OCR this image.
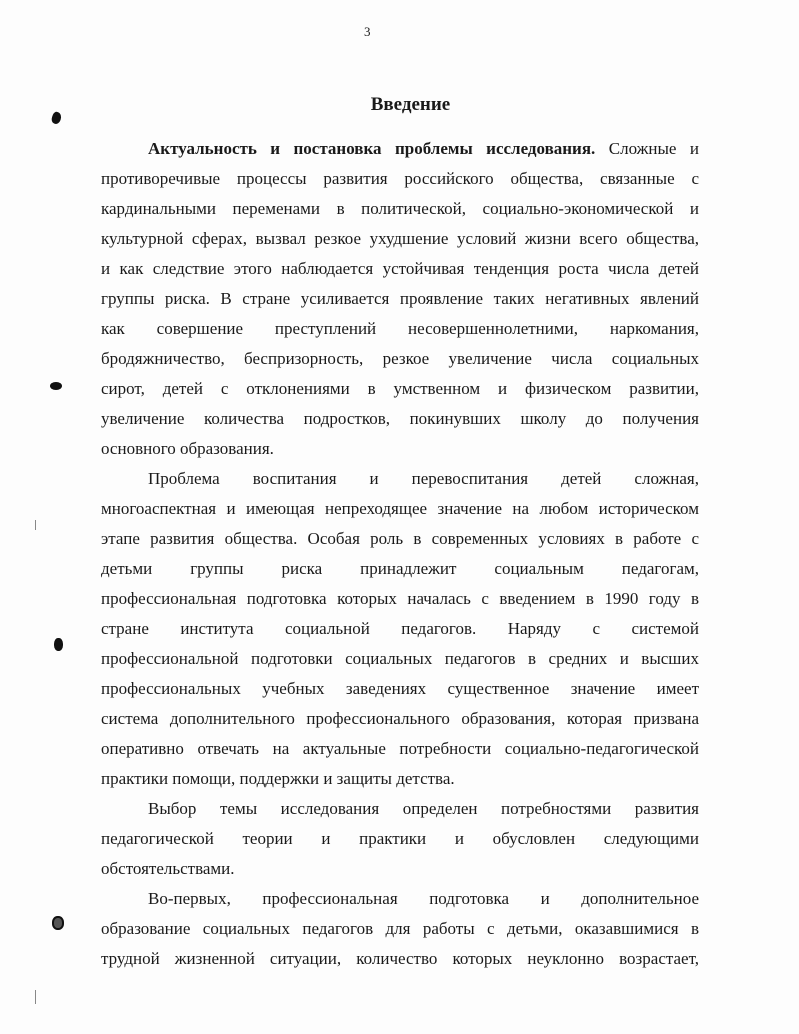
3
Введение
Актуальность и постановка проблемы исследования. Сложные и
противоречивые процессы развития российского общества, связанные с
кардинальными переменами в политической, социально-экономической и
культурной сферах, вызвал резкое ухудшение условий жизни всего общества,
и как следствие этого наблюдается устойчивая тенденция роста числа детей
группы риска. В стране усиливается проявление таких негативных явлений
как совершение преступлений несовершеннолетними, наркомания,
бродяжничество, беспризорность, резкое увеличение числа социальных
сирот, детей с отклонениями в умственном и физическом развитии,
увеличение количества подростков, покинувших школу до получения
основного образования.
Проблема воспитания и перевоспитания детей сложная,
многоаспектная и имеющая непреходящее значение на любом историческом
этапе развития общества. Особая роль в современных условиях в работе с
детьми группы риска принадлежит социальным педагогам,
профессиональная подготовка которых началась с введением в 1990 году в
стране института социальной педагогов. Наряду с системой
профессиональной подготовки социальных педагогов в средних и высших
профессиональных учебных заведениях существенное значение имеет
система дополнительного профессионального образования, которая призвана
оперативно отвечать на актуальные потребности социально-педагогической
практики помощи, поддержки и защиты детства.
Выбор темы исследования определен потребностями развития
педагогической теории и практики и обусловлен следующими
обстоятельствами.
Во-первых, профессиональная подготовка и дополнительное
образование социальных педагогов для работы с детьми, оказавшимися в
трудной жизненной ситуации, количество которых неуклонно возрастает,
